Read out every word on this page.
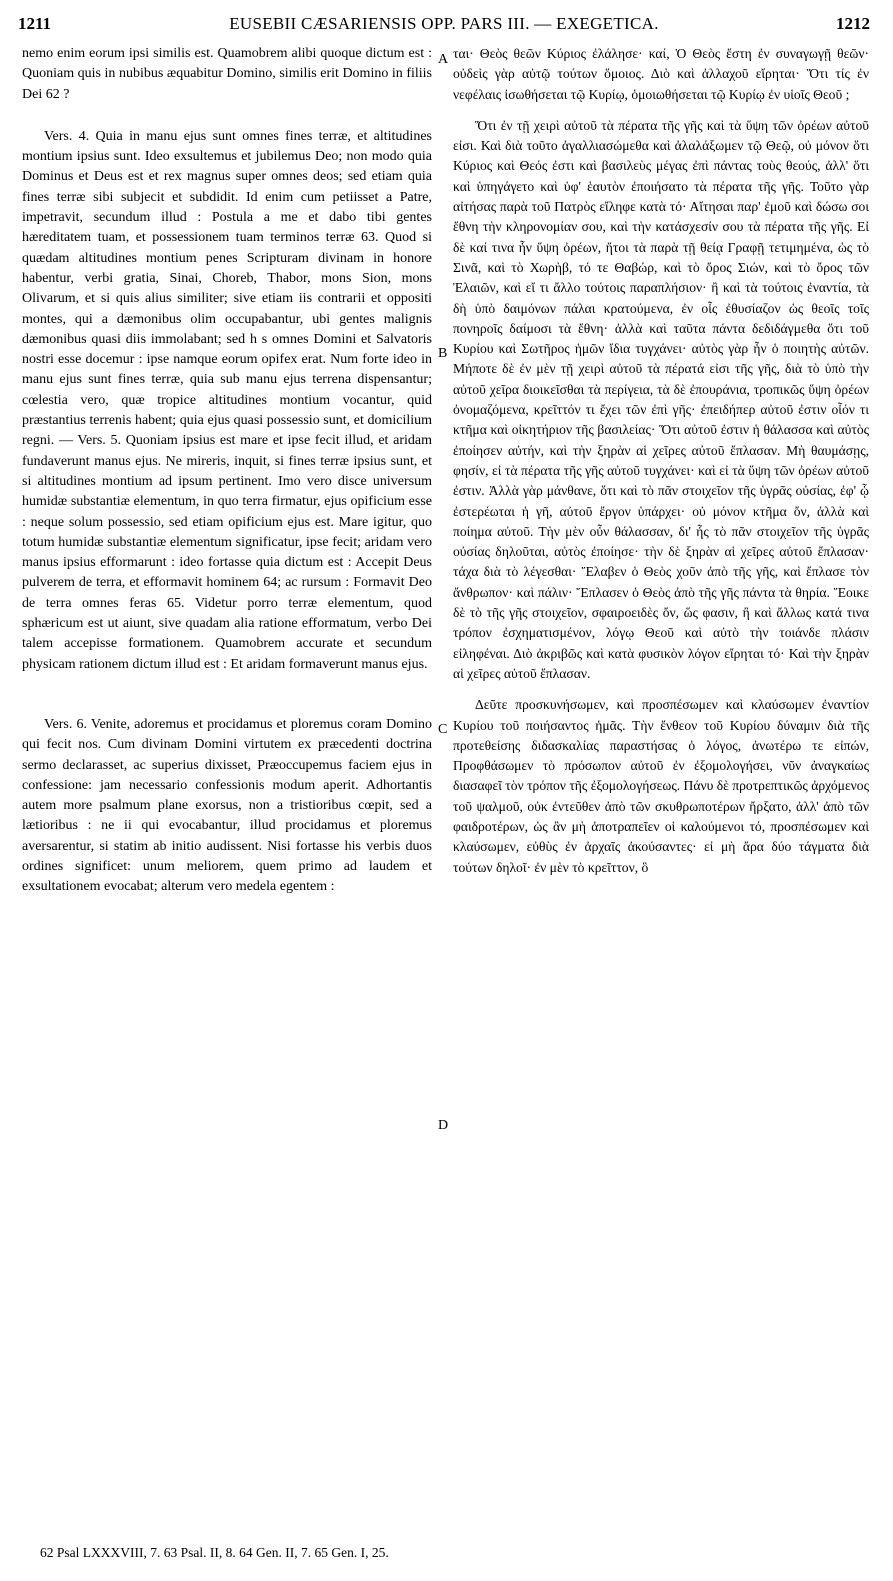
1211	EUSEBII CÆSARIENSIS OPP. PARS III. — EXEGETICA.	1212
A
B
C
D

nemo enim eorum ipsi similis est. Quamobrem alibi quoque dictum est : Quoniam quis in nubibus æquabitur Domino, similis erit Domino in filiis Dei 62 ?

Vers. 4. Quia in manu ejus sunt omnes fines terræ, et altitudines montium ipsius sunt. Ideo exsultemus et jubilemus Deo; non modo quia Dominus et Deus est et rex magnus super omnes deos; sed etiam quia fines terræ sibi subjecit et subdidit. Id enim cum petiisset a Patre, impetravit, secundum illud : Postula a me et dabo tibi gentes hæreditatem tuam, et possessionem tuam terminos terræ 63. Quod si quædam altitudines montium penes Scripturam divinam in honore habentur, verbi gratia, Sinai, Choreb, Thabor, mons Sion, mons Olivarum, et si quis alius similiter; sive etiam iis contrarii et oppositi montes, qui a dæmonibus olim occupabantur, ubi gentes malignis dæmonibus quasi diis immolabant; sed h s omnes Domini et Salvatoris nostri esse docemur : ipse namque eorum opifex erat. Num forte ideo in manu ejus sunt fines terræ, quia sub manu ejus terrena dispensantur; cœlestia vero, quæ tropice altitudines montium vocantur, quid præstantius terrenis habent; quia ejus quasi possessio sunt, et domicilium regni. — Vers. 5. Quoniam ipsius est mare et ipse fecit illud, et aridam fundaverunt manus ejus. Ne mireris, inquit, si fines terræ ipsius sunt, et si altitudines montium ad ipsum pertinent. Imo vero disce universum humidæ substantiæ elementum, in quo terra firmatur, ejus opificium esse : neque solum possessio, sed etiam opificium ejus est. Mare igitur, quo totum humidæ substantiæ elementum significatur, ipse fecit; aridam vero manus ipsius efformarunt : ideo fortasse quia dictum est : Accepit Deus pulverem de terra, et efformavit hominem 64; ac rursum : Formavit Deo de terra omnes feras 65. Videtur porro terræ elementum, quod sphæricum est ut aiunt, sive quadam alia ratione efformatum, verbo Dei talem accepisse formationem. Quamobrem accurate et secundum physicam rationem dictum illud est : Et aridam formaverunt manus ejus.

Vers. 6. Venite, adoremus et procidamus et ploremus coram Domino qui fecit nos. Cum divinam Domini virtutem ex præcedenti doctrina sermo declarasset, ac superius dixisset, Præoccupemus faciem ejus in confessione: jam necessario confessionis modum aperit. Adhortantis autem more psalmum plane exorsus, non a tristioribus cœpit, sed a lætioribus : ne ii qui evocabantur, illud procidamus et ploremus aversarentur, si statim ab initio audissent. Nisi fortasse his verbis duos ordines significet: unum meliorem, quem primo ad laudem et exsultationem evocabat; alterum vero medela egentem :

ται· Θεὸς θεῶν Κύριος ἐλάλησε· καί, Ὁ Θεὸς ἔστη ἐν συναγωγῇ θεῶν· οὐδεὶς γὰρ αὐτῷ τούτων ὅμοιος. Διὸ καὶ ἀλλαχοῦ εἴρηται· Ὅτι τίς ἐν νεφέλαις ἰσωθήσεται τῷ Κυρίῳ, ὁμοιωθήσεται τῷ Κυρίῳ ἐν υἱοῖς Θεοῦ ;

Ὅτι ἐν τῇ χειρὶ αὐτοῦ τὰ πέρατα τῆς γῆς καὶ τὰ ὕψη τῶν ὀρέων αὐτοῦ εἰσι. Καὶ διὰ τοῦτο ἀγαλλιασώμεθα καὶ ἀλαλάξωμεν τῷ Θεῷ, οὐ μόνον ὅτι Κύριος καὶ Θεός ἐστι καὶ βασιλεὺς μέγας ἐπὶ πάντας τοὺς θεούς, ἀλλ' ὅτι καὶ ὑπηγάγετο καὶ ὑφ' ἑαυτὸν ἐποιήσατο τὰ πέρατα τῆς γῆς. Τοῦτο γὰρ αἰτήσας παρὰ τοῦ Πατρὸς εἴληφε κατὰ τό· Αἴτησαι παρ' ἐμοῦ καὶ δώσω σοι ἔθνη τὴν κληρονομίαν σου, καὶ τὴν κατάσχεσίν σου τὰ πέρατα τῆς γῆς. Εἰ δὲ καί τινα ἦν ὕψη ὀρέων, ἤτοι τὰ παρὰ τῇ θείᾳ Γραφῇ τετιμημένα, ὡς τὸ Σινᾶ, καὶ τὸ Χωρὴβ, τό τε Θαβώρ, καὶ τὸ ὄρος Σιών, καὶ τὸ ὄρος τῶν Ἐλαιῶν, καὶ εἴ τι ἄλλο τούτοις παραπλήσιον· ἢ καὶ τὰ τούτοις ἐναντία, τὰ δὴ ὑπὸ δαιμόνων πάλαι κρατούμενα, ἐν οἷς ἐθυσίαζον ὡς θεοῖς τοῖς πονηροῖς δαίμοσι τὰ ἔθνη· ἀλλὰ καὶ ταῦτα πάντα δεδιδάγμεθα ὅτι τοῦ Κυρίου καὶ Σωτῆρος ἡμῶν ἴδια τυγχάνει· αὐτὸς γὰρ ἦν ὁ ποιητὴς αὐτῶν. Μήποτε δὲ ἐν μὲν τῇ χειρὶ αὐτοῦ τὰ πέρατά εἰσι τῆς γῆς, διὰ τὸ ὑπὸ τὴν αὐτοῦ χεῖρα διοικεῖσθαι τὰ περίγεια, τὰ δὲ ἐπουράνια, τροπικῶς ὕψη ὀρέων ὀνομαζόμενα, κρεῖττόν τι ἔχει τῶν ἐπὶ γῆς· ἐπειδήπερ αὐτοῦ ἐστιν οἷόν τι κτῆμα καὶ οἰκητήριον τῆς βασιλείας· Ὅτι αὐτοῦ ἐστιν ἡ θάλασσα καὶ αὐτὸς ἐποίησεν αὐτήν, καὶ τὴν ξηρὰν αἱ χεῖρες αὐτοῦ ἔπλασαν. Μὴ θαυμάσῃς, φησίν, εἰ τὰ πέρατα τῆς γῆς αὐτοῦ τυγχάνει· καὶ εἰ τὰ ὕψη τῶν ὀρέων αὐτοῦ ἐστιν. Ἀλλὰ γὰρ μάνθανε, ὅτι καὶ τὸ πᾶν στοιχεῖον τῆς ὑγρᾶς οὐσίας, ἐφ' ᾧ ἐστερέωται ἡ γῆ, αὐτοῦ ἔργον ὑπάρχει· οὐ μόνον κτῆμα ὄν, ἀλλὰ καὶ ποίημα αὐτοῦ. Τὴν μὲν οὖν θάλασσαν, δι' ἧς τὸ πᾶν στοιχεῖον τῆς ὑγρᾶς οὐσίας δηλοῦται, αὐτὸς ἐποίησε· τὴν δὲ ξηρὰν αἱ χεῖρες αὐτοῦ ἔπλασαν· τάχα διὰ τὸ λέγεσθαι· Ἔλαβεν ὁ Θεὸς χοῦν ἀπὸ τῆς γῆς, καὶ ἔπλασε τὸν ἄνθρωπον· καὶ πάλιν· Ἔπλασεν ὁ Θεὸς ἀπὸ τῆς γῆς πάντα τὰ θηρία. Ἔοικε δὲ τὸ τῆς γῆς στοιχεῖον, σφαιροειδὲς ὄν, ὥς φασιν, ἢ καὶ ἄλλως κατά τινα τρόπον ἐσχηματισμένον, λόγῳ Θεοῦ καὶ αὐτὸ τὴν τοιάνδε πλάσιν εἰληφέναι. Διὸ ἀκριβῶς καὶ κατὰ φυσικὸν λόγον εἴρηται τό· Καὶ τὴν ξηρὰν αἱ χεῖρες αὐτοῦ ἔπλασαν.

Δεῦτε προσκυνήσωμεν, καὶ προσπέσωμεν καὶ κλαύσωμεν ἐναντίον Κυρίου τοῦ ποιήσαντος ἡμᾶς. Τὴν ἔνθεον τοῦ Κυρίου δύναμιν διὰ τῆς προτεθείσης διδασκαλίας παραστήσας ὁ λόγος, ἀνωτέρω τε εἰπών, Προφθάσωμεν τὸ πρόσωπον αὐτοῦ ἐν ἐξομολογήσει, νῦν ἀναγκαίως διασαφεῖ τὸν τρόπον τῆς ἐξομολογήσεως. Πάνυ δὲ προτρεπτικῶς ἀρχόμενος τοῦ ψαλμοῦ, οὐκ ἐντεῦθεν ἀπὸ τῶν σκυθρωποτέρων ἤρξατο, ἀλλ' ἀπὸ τῶν φαιδροτέρων, ὡς ἂν μὴ ἀποτραπεῖεν οἱ καλούμενοι τό, προσπέσωμεν καὶ κλαύσωμεν, εὐθὺς ἐν ἀρχαῖς ἀκούσαντες· εἰ μὴ ἄρα δύο τάγματα διὰ τούτων δηλοῖ· ἐν μὲν τὸ κρεῖττον, ὃ

62 Psal LXXXVIII, 7. 63 Psal. II, 8. 64 Gen. II, 7. 65 Gen. I, 25.
